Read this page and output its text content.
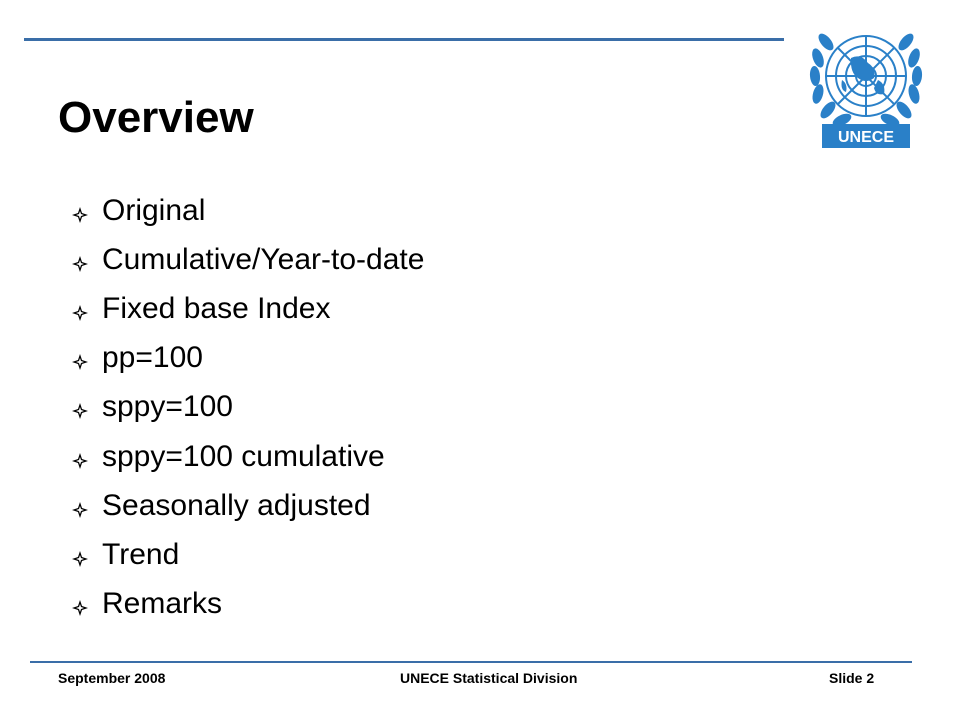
UNECE
Overview
Original
Cumulative/Year-to-date
Fixed base Index
pp=100
sppy=100
sppy=100 cumulative
Seasonally adjusted
Trend
Remarks
September 2008	UNECE Statistical Division	Slide 2
